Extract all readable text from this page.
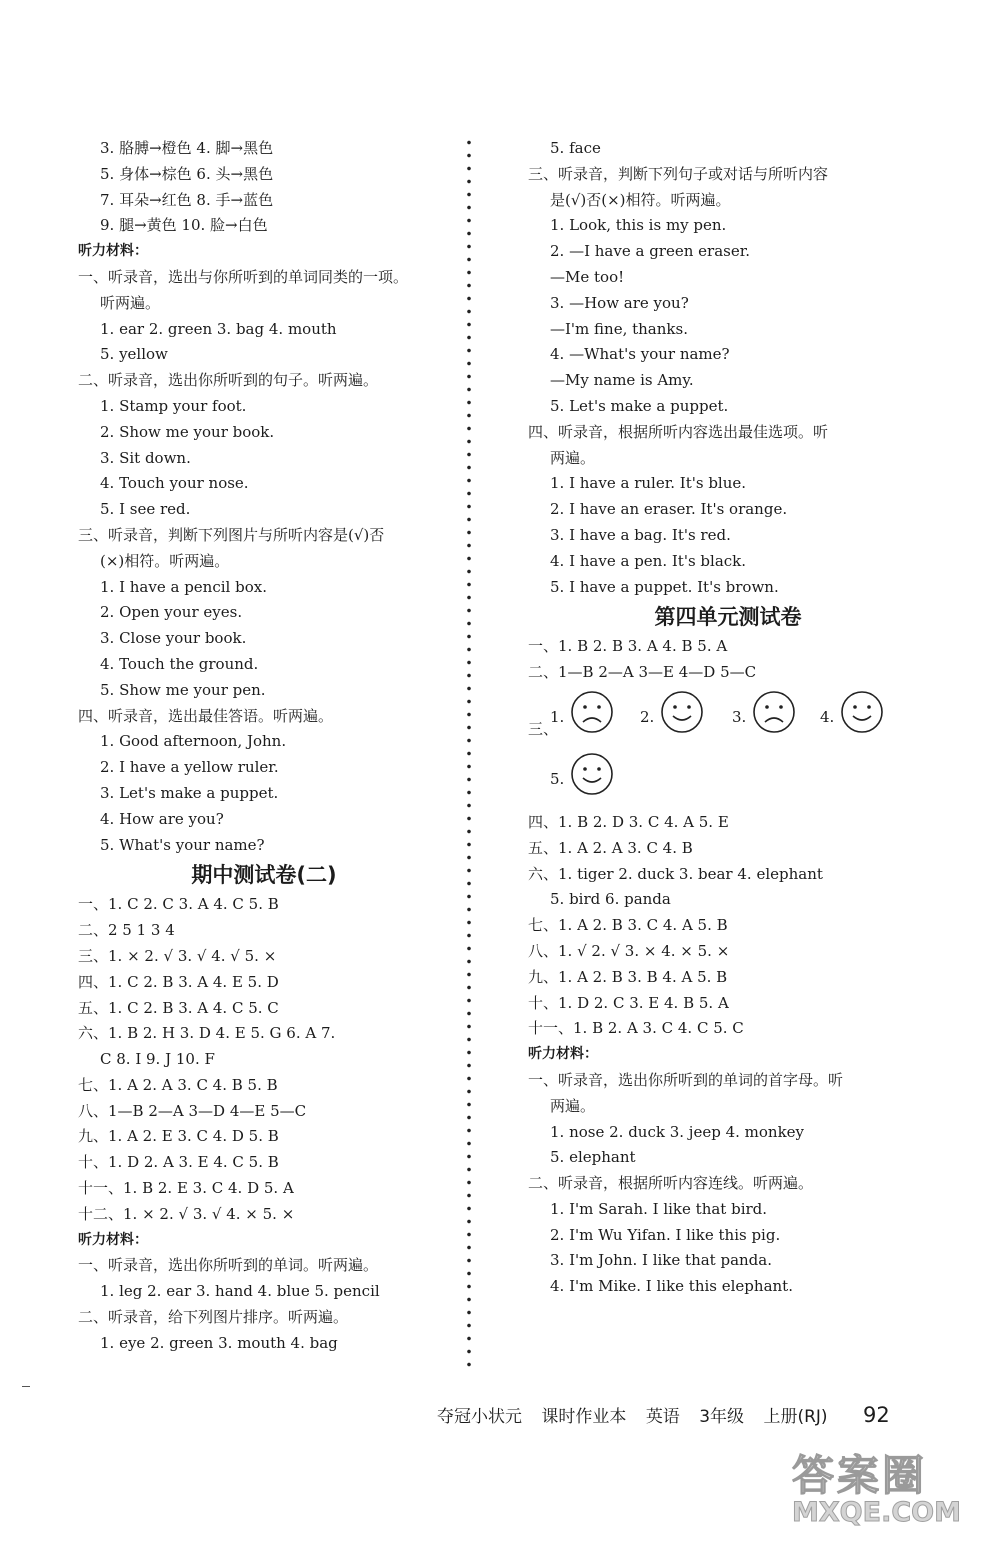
3. 胳膊→橙色 4. 脚→黑色
5. 身体→棕色 6. 头→黑色
7. 耳朵→红色 8. 手→蓝色
9. 腿→黄色 10. 脸→白色
听力材料：
一、听录音，选出与你所听到的单词同类的一项。
听两遍。
1. ear 2. green 3. bag 4. mouth
5. yellow
二、听录音，选出你所听到的句子。听两遍。
1. Stamp your foot.
2. Show me your book.
3. Sit down.
4. Touch your nose.
5. I see red.
三、听录音，判断下列图片与所听内容是(√)否
(×)相符。听两遍。
1. I have a pencil box.
2. Open your eyes.
3. Close your book.
4. Touch the ground.
5. Show me your pen.
四、听录音，选出最佳答语。听两遍。
1. Good afternoon, John.
2. I have a yellow ruler.
3. Let's make a puppet.
4. How are you?
5. What's your name?
期中测试卷(二)
一、1. C 2. C 3. A 4. C 5. B
二、2 5 1 3 4
三、1. × 2. √ 3. √ 4. √ 5. ×
四、1. C 2. B 3. A 4. E 5. D
五、1. C 2. B 3. A 4. C 5. C
六、1. B 2. H 3. D 4. E 5. G 6. A 7.
C 8. I 9. J 10. F
七、1. A 2. A 3. C 4. B 5. B
八、1—B 2—A 3—D 4—E 5—C
九、1. A 2. E 3. C 4. D 5. B
十、1. D 2. A 3. E 4. C 5. B
十一、1. B 2. E 3. C 4. D 5. A
十二、1. × 2. √ 3. √ 4. × 5. ×
听力材料：
一、听录音，选出你所听到的单词。听两遍。
1. leg 2. ear 3. hand 4. blue 5. pencil
二、听录音，给下列图片排序。听两遍。
1. eye 2. green 3. mouth 4. bag
5. face
三、听录音，判断下列句子或对话与所听内容
是(√)否(×)相符。听两遍。
1. Look, this is my pen.
2. —I have a green eraser.
—Me too!
3. —How are you?
—I'm fine, thanks.
4. —What's your name?
—My name is Amy.
5. Let's make a puppet.
四、听录音，根据所听内容选出最佳选项。听
两遍。
1. I have a ruler. It's blue.
2. I have an eraser. It's orange.
3. I have a bag. It's red.
4. I have a pen. It's black.
5. I have a puppet. It's brown.
第四单元测试卷
一、1. B 2. B 3. A 4. B 5. A
二、1—B 2—A 3—E 4—D 5—C
三、
1.	2.	3.	4.
5.
四、1. B 2. D 3. C 4. A 5. E
五、1. A 2. A 3. C 4. B
六、1. tiger 2. duck 3. bear 4. elephant
5. bird 6. panda
七、1. A 2. B 3. C 4. A 5. B
八、1. √ 2. √ 3. × 4. × 5. ×
九、1. A 2. B 3. B 4. A 5. B
十、1. D 2. C 3. E 4. B 5. A
十一、1. B 2. A 3. C 4. C 5. C
听力材料：
一、听录音，选出你所听到的单词的首字母。听
两遍。
1. nose 2. duck 3. jeep 4. monkey
5. elephant
二、听录音，根据所听内容连线。听两遍。
1. I'm Sarah. I like that bird.
2. I'm Wu Yifan. I like this pig.
3. I'm John. I like that panda.
4. I'm Mike. I like this elephant.
夺冠小状元 课时作业本 英语 3年级 上册(RJ) 92
答案圈
MXQE.COM
